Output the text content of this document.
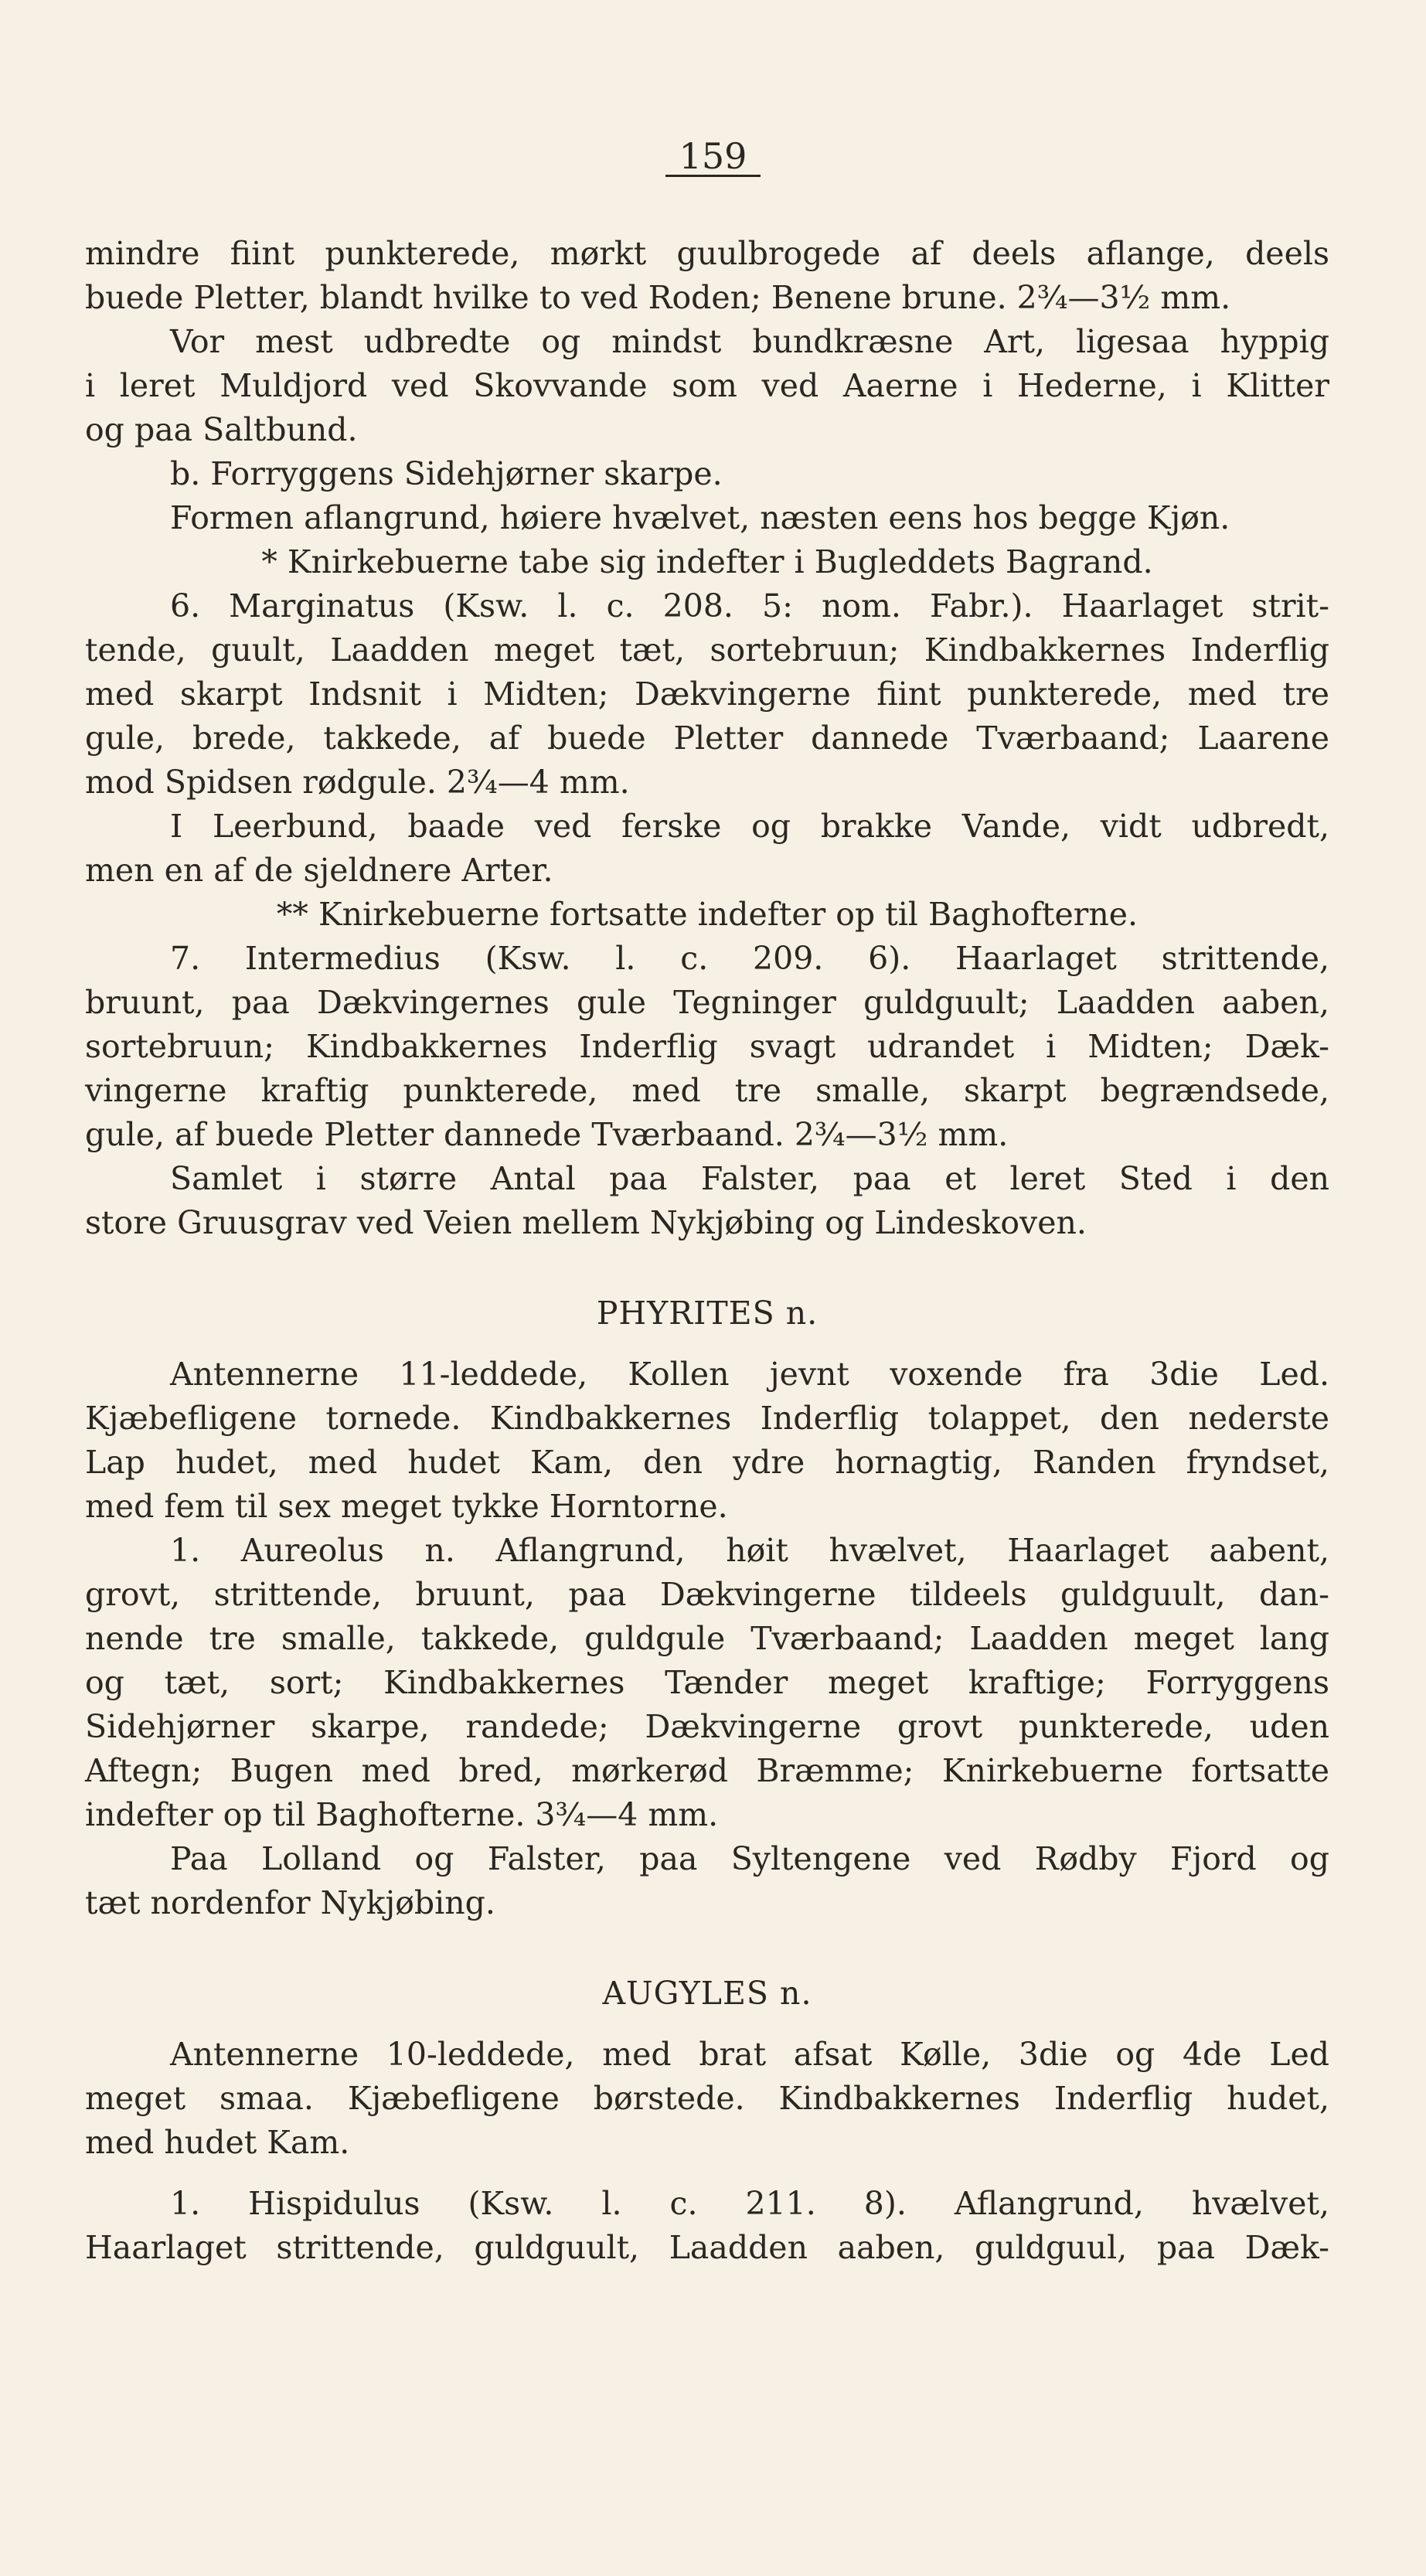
159
mindre fiint punkterede, mørkt guulbrogede af deels aflange, deels
buede Pletter, blandt hvilke to ved Roden; Benene brune. 2¾—3½ mm.
Vor mest udbredte og mindst bundkræsne Art, ligesaa hyppig
i leret Muldjord ved Skovvande som ved Aaerne i Hederne, i Klitter
og paa Saltbund.
b. Forryggens Sidehjørner skarpe.
Formen aflangrund, høiere hvælvet, næsten eens hos begge Kjøn.
* Knirkebuerne tabe sig indefter i Bugleddets Bagrand.
6. Marginatus (Ksw. l. c. 208. 5: nom. Fabr.). Haarlaget strit-
tende, guult, Laadden meget tæt, sortebruun; Kindbakkernes Inderflig
med skarpt Indsnit i Midten; Dækvingerne fiint punkterede, med tre
gule, brede, takkede, af buede Pletter dannede Tværbaand; Laarene
mod Spidsen rødgule. 2¾—4 mm.
I Leerbund, baade ved ferske og brakke Vande, vidt udbredt,
men en af de sjeldnere Arter.
** Knirkebuerne fortsatte indefter op til Baghofterne.
7. Intermedius (Ksw. l. c. 209. 6). Haarlaget strittende,
bruunt, paa Dækvingernes gule Tegninger guldguult; Laadden aaben,
sortebruun; Kindbakkernes Inderflig svagt udrandet i Midten; Dæk-
vingerne kraftig punkterede, med tre smalle, skarpt begrændsede,
gule, af buede Pletter dannede Tværbaand. 2¾—3½ mm.
Samlet i større Antal paa Falster, paa et leret Sted i den
store Gruusgrav ved Veien mellem Nykjøbing og Lindeskoven.
PHYRITES n.
Antennerne 11-leddede, Kollen jevnt voxende fra 3die Led.
Kjæbefligene tornede. Kindbakkernes Inderflig tolappet, den nederste
Lap hudet, med hudet Kam, den ydre hornagtig, Randen fryndset,
med fem til sex meget tykke Horntorne.
1. Aureolus n. Aflangrund, høit hvælvet, Haarlaget aabent,
grovt, strittende, bruunt, paa Dækvingerne tildeels guldguult, dan-
nende tre smalle, takkede, guldgule Tværbaand; Laadden meget lang
og tæt, sort; Kindbakkernes Tænder meget kraftige; Forryggens
Sidehjørner skarpe, randede; Dækvingerne grovt punkterede, uden
Aftegn; Bugen med bred, mørkerød Bræmme; Knirkebuerne fortsatte
indefter op til Baghofterne. 3¾—4 mm.
Paa Lolland og Falster, paa Syltengene ved Rødby Fjord og
tæt nordenfor Nykjøbing.
AUGYLES n.
Antennerne 10-leddede, med brat afsat Kølle, 3die og 4de Led
meget smaa. Kjæbefligene børstede. Kindbakkernes Inderflig hudet,
med hudet Kam.
1. Hispidulus (Ksw. l. c. 211. 8). Aflangrund, hvælvet,
Haarlaget strittende, guldguult, Laadden aaben, guldguul, paa Dæk-
